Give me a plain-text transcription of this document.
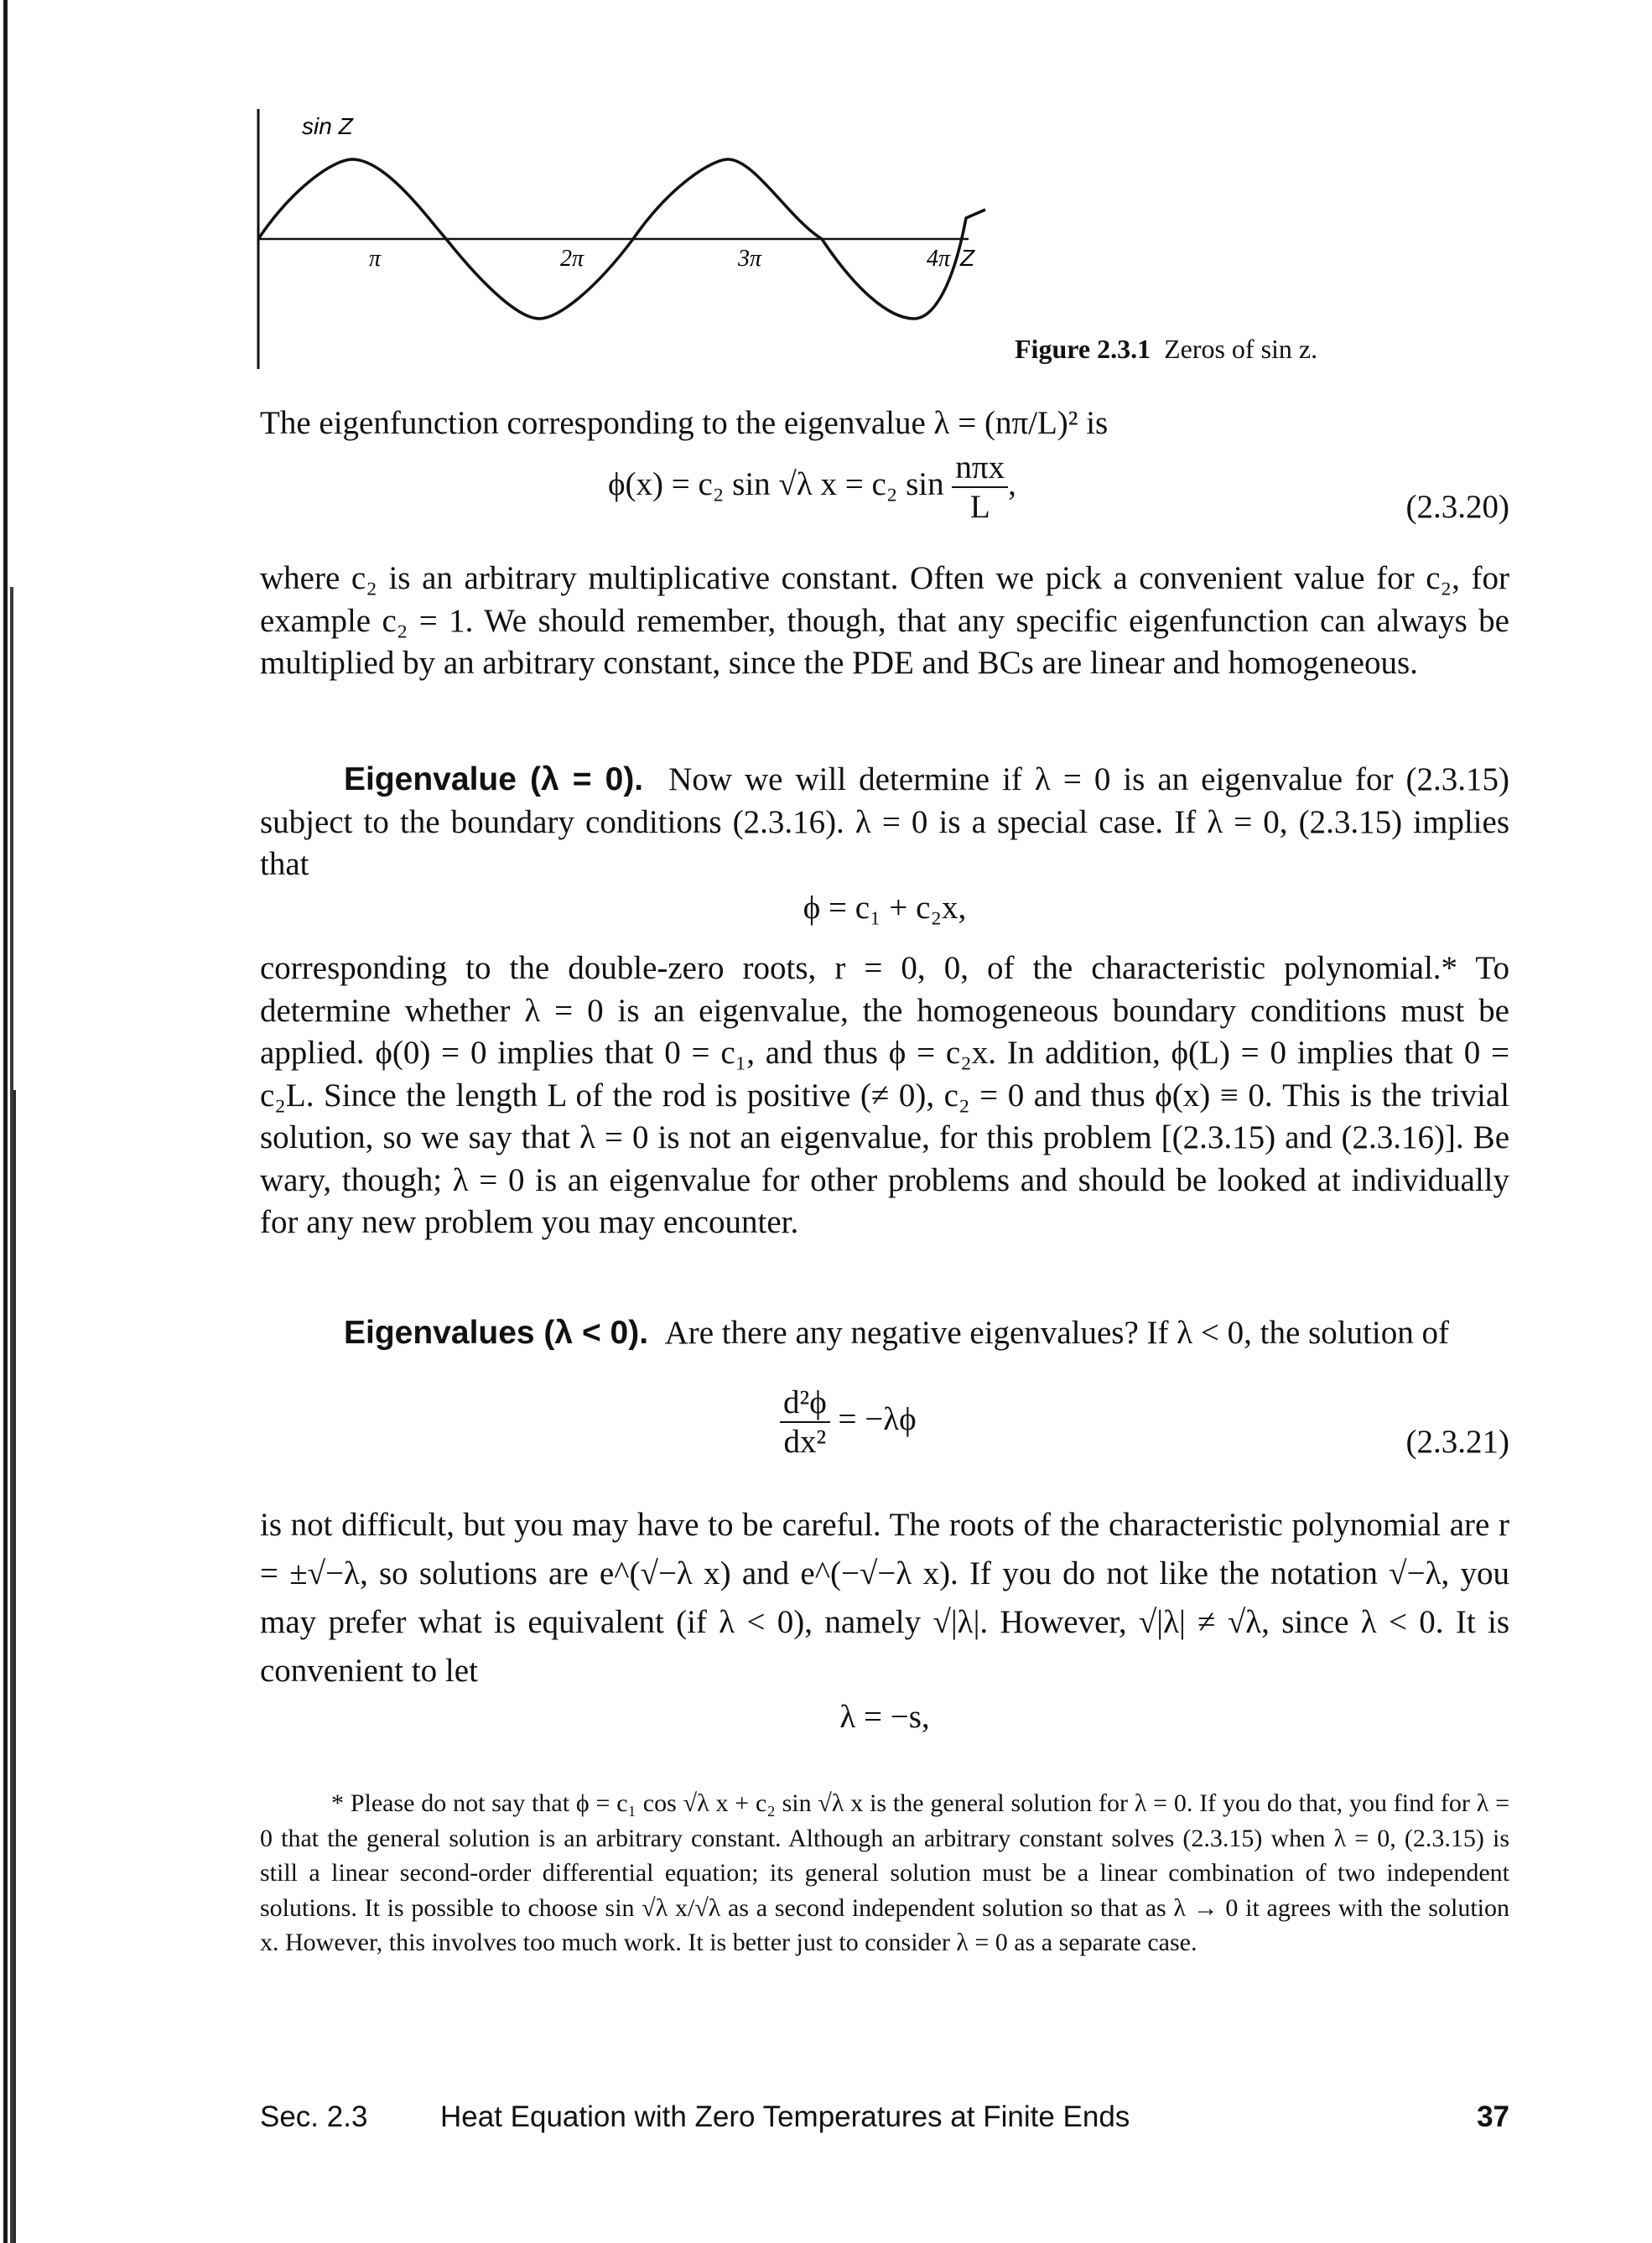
sin Z
π	2π	3π	4π Z
Figure 2.3.1 Zeros of sin z.
The eigenfunction corresponding to the eigenvalue λ = (nπ/L)² is
ϕ(x) = c₂ sin √λ x = c₂ $\sin \frac{\text{nπx}}{L}$ ,
(2.3.20)
where c₂ is an arbitrary multiplicative constant. Often we pick a convenient value for c₂, for example c₂ = 1. We should remember, though, that any specific eigenfunction can always be multiplied by an arbitrary constant, since the PDE and BCs are linear and homogeneous.
Eigenvalue (λ = 0). Now we will determine if λ = 0 is an eigenvalue for (2.3.15) subject to the boundary conditions (2.3.16). λ = 0 is a special case. If λ = 0, (2.3.15) implies that
ϕ = c₁ + c₂x,
corresponding to the double-zero roots, r = 0, 0, of the characteristic polynomial.* To determine whether λ = 0 is an eigenvalue, the homogeneous boundary conditions must be applied. ϕ(0) = 0 implies that 0 = c₁, and thus ϕ = c₂x. In addition, ϕ(L) = 0 implies that 0 = c₂L. Since the length L of the rod is positive (≠ 0), c₂ = 0 and thus ϕ(x) ≡ 0. This is the trivial solution, so we say that λ = 0 is not an eigenvalue, for this problem [(2.3.15) and (2.3.16)]. Be wary, though; λ = 0 is an eigenvalue for other problems and should be looked at individually for any new problem you may encounter.
Eigenvalues (λ < 0). Are there any negative eigenvalues? If λ < 0, the solution of
$\frac{\text{d²ϕ}}{\text{dx²}} = -\lambda\phi$
(2.3.21)
is not difficult, but you may have to be careful. The roots of the characteristic polynomial are r = ±√−λ, so solutions are e^(√−λ x) and e^(−√−λ x). If you do not like the notation √−λ, you may prefer what is equivalent (if λ < 0), namely √|λ|. However, √|λ| ≠ √λ, since λ < 0. It is convenient to let
λ = −s,
* Please do not say that ϕ = c₁ cos √λ x + c₂ sin √λ x is the general solution for λ = 0. If you do that, you find for λ = 0 that the general solution is an arbitrary constant. Although an arbitrary constant solves (2.3.15) when λ = 0, (2.3.15) is still a linear second-order differential equation; its general solution must be a linear combination of two independent solutions. It is possible to choose sin √λ x/√λ as a second independent solution so that as λ → 0 it agrees with the solution x. However, this involves too much work. It is better just to consider λ = 0 as a separate case.
Sec. 2.3 Heat Equation with Zero Temperatures at Finite Ends	37
